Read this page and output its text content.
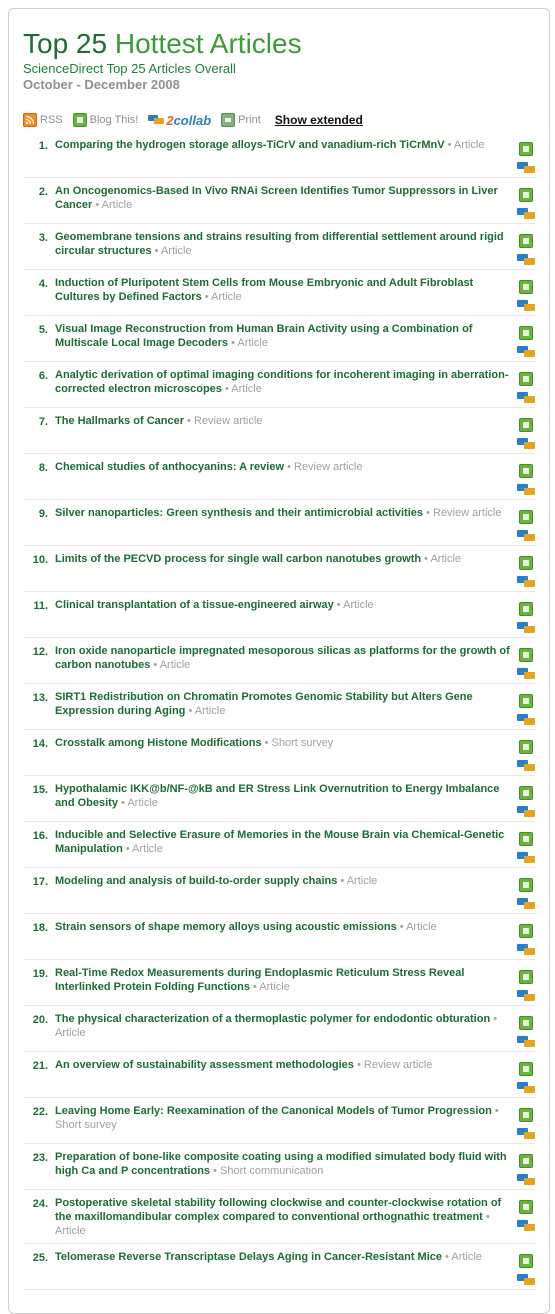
Top 25 Hottest Articles
ScienceDirect Top 25 Articles Overall
October - December 2008
RSS Blog This! 2collab Print Show extended
1. Comparing the hydrogen storage alloys-TiCrV and vanadium-rich TiCrMnV • Article
2. An Oncogenomics-Based In Vivo RNAi Screen Identifies Tumor Suppressors in Liver Cancer • Article
3. Geomembrane tensions and strains resulting from differential settlement around rigid circular structures • Article
4. Induction of Pluripotent Stem Cells from Mouse Embryonic and Adult Fibroblast Cultures by Defined Factors • Article
5. Visual Image Reconstruction from Human Brain Activity using a Combination of Multiscale Local Image Decoders • Article
6. Analytic derivation of optimal imaging conditions for incoherent imaging in aberration-corrected electron microscopes • Article
7. The Hallmarks of Cancer • Review article
8. Chemical studies of anthocyanins: A review • Review article
9. Silver nanoparticles: Green synthesis and their antimicrobial activities • Review article
10. Limits of the PECVD process for single wall carbon nanotubes growth • Article
11. Clinical transplantation of a tissue-engineered airway • Article
12. Iron oxide nanoparticle impregnated mesoporous silicas as platforms for the growth of carbon nanotubes • Article
13. SIRT1 Redistribution on Chromatin Promotes Genomic Stability but Alters Gene Expression during Aging • Article
14. Crosstalk among Histone Modifications • Short survey
15. Hypothalamic IKK@b/NF-@kB and ER Stress Link Overnutrition to Energy Imbalance and Obesity • Article
16. Inducible and Selective Erasure of Memories in the Mouse Brain via Chemical-Genetic Manipulation • Article
17. Modeling and analysis of build-to-order supply chains • Article
18. Strain sensors of shape memory alloys using acoustic emissions • Article
19. Real-Time Redox Measurements during Endoplasmic Reticulum Stress Reveal Interlinked Protein Folding Functions • Article
20. The physical characterization of a thermoplastic polymer for endodontic obturation • Article
21. An overview of sustainability assessment methodologies • Review article
22. Leaving Home Early: Reexamination of the Canonical Models of Tumor Progression • Short survey
23. Preparation of bone-like composite coating using a modified simulated body fluid with high Ca and P concentrations • Short communication
24. Postoperative skeletal stability following clockwise and counter-clockwise rotation of the maxillomandibular complex compared to conventional orthognathic treatment • Article
25. Telomerase Reverse Transcriptase Delays Aging in Cancer-Resistant Mice • Article
